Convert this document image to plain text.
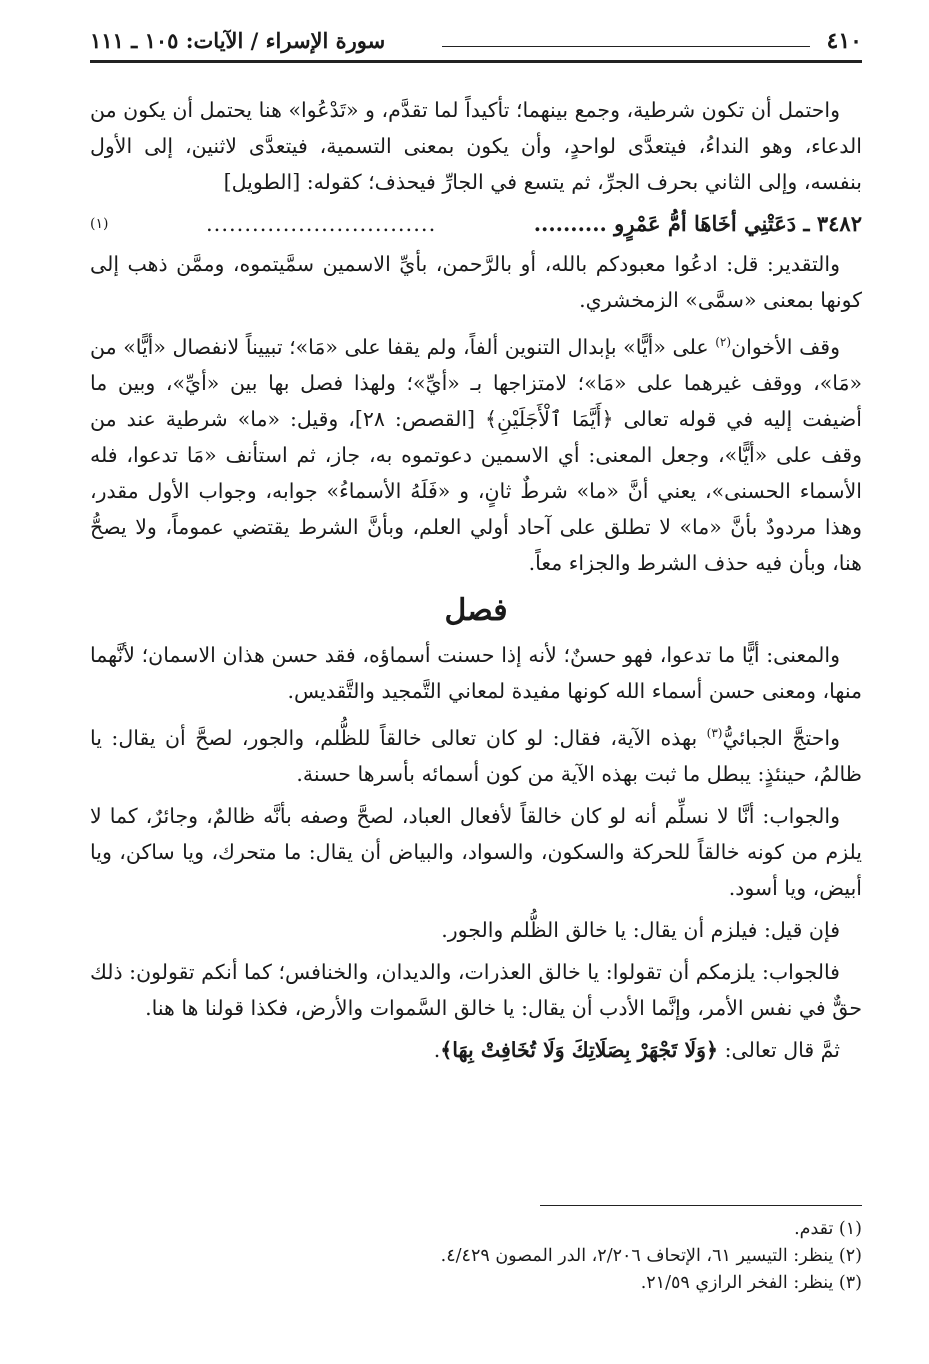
٤١٠
سورة الإسراء / الآيات: ١٠٥ ـ ١١١

واحتمل أن تكون شرطية، وجمع بينهما؛ تأكيداً لما تقدَّم، و «تَدْعُوا» هنا يحتمل أن يكون من الدعاء، وهو النداءُ، فيتعدَّى لواحدٍ، وأن يكون بمعنى التسمية، فيتعدَّى لاثنين، إلى الأول بنفسه، وإلى الثاني بحرف الجرِّ، ثم يتسع في الجارِّ فيحذف؛ كقوله: [الطويل]

٣٤٨٢ ـ دَعَتْنِي أخَاهَا أمُّ عَمْرٍو ..........
..............................
(١)

والتقدير: قل: ادعُوا معبودكم بالله، أو بالرَّحمن، بأيِّ الاسمين سمَّيتموه، وممَّن ذهب إلى كونها بمعنى «سمَّى» الزمخشري.

وقف الأخوان$^{(٢)}$ على «أيًّا» بإبدال التنوين ألفاً، ولم يقفا على «مَا»؛ تبييناً لانفصال «أيًّا» من «مَا»، ووقف غيرهما على «مَا»؛ لامتزاجها بـ «أيِّ»؛ ولهذا فصل بها بين «أيِّ»، وبين ما أضيفت إليه في قوله تعالى ﴿أَيَّمَا ٱلْأَجَلَيْنِ﴾ [القصص: ٢٨]، وقيل: «ما» شرطية عند من وقف على «أيًّا»، وجعل المعنى: أي الاسمين دعوتموه به، جاز، ثم استأنف «مَا تدعوا، فله الأسماء الحسنى»، يعني أنَّ «ما» شرطٌ ثانٍ، و «فَلَهُ الأسماءُ» جوابه، وجواب الأول مقدر، وهذا مردودٌ بأنَّ «ما» لا تطلق على آحاد أولي العلم، وبأنَّ الشرط يقتضي عموماً، ولا يصحُّ هنا، وبأن فيه حذف الشرط والجزاء معاً.

فصل

والمعنى: أيًّا ما تدعوا، فهو حسنٌ؛ لأنه إذا حسنت أسماؤه، فقد حسن هذان الاسمان؛ لأنَّهما منها، ومعنى حسن أسماء الله كونها مفيدة لمعاني التَّمجيد والتَّقديس.

واحتجَّ الجبائيُّ$^{(٣)}$ بهذه الآية، فقال: لو كان تعالى خالقاً للظُّلم، والجور، لصحَّ أن يقال: يا ظالمُ، حينئذٍ: يبطل ما ثبت بهذه الآية من كون أسمائه بأسرها حسنة.

والجواب: أنَّا لا نسلِّم أنه لو كان خالقاً لأفعال العباد، لصحَّ وصفه بأنَّه ظالمٌ، وجائرٌ، كما لا يلزم من كونه خالقاً للحركة والسكون، والسواد، والبياض أن يقال: ما متحرك، ويا ساكن، ويا أبيض، ويا أسود.

فإن قيل: فيلزم أن يقال: يا خالق الظُّلم والجور.

فالجواب: يلزمكم أن تقولوا: يا خالق العذرات، والديدان، والخنافس؛ كما أنكم تقولون: ذلك حقٌّ في نفس الأمر، وإنَّما الأدب أن يقال: يا خالق السَّموات والأرض، فكذا قولنا ها هنا.

ثمَّ قال تعالى: ﴿وَلَا تَجْهَرْ بِصَلَاتِكَ وَلَا تُخَافِتْ بِهَا﴾.

(١) تقدم.

(٢) ينظر: التيسير ٦١، الإتحاف ٢/٢٠٦، الدر المصون ٤/٤٢٩.

(٣) ينظر: الفخر الرازي ٢١/٥٩.
